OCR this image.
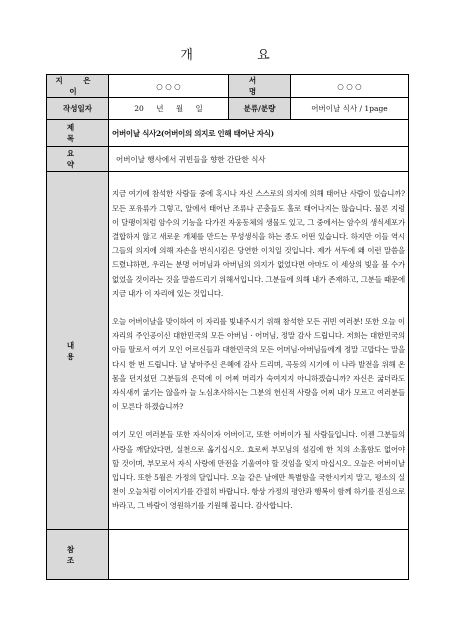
개 요
지 은 이	○ ○ ○	서 명	○ ○ ○
작성일자	20 년 월 일	분류/분량	어버이날 식사 / 1page
제 목	어버이날 식사2(어버이의 의지로 인해 태어난 자식)		
요 약	어버이날 행사에서 귀빈들을 향한 간단한 식사		
내 용	지금 여기에 참석한 사람들 중에 혹시나 자신 스스로의 의지에 의해 태어난 사람이 있습니까? 모든 포유류가 그렇고, 알에서 태어난 조류나 곤충들도 홀로 태어나지는 않습니다. 물론 지렁이 달팽이처럼 암수의 기능을 다가진 자웅동체의 생물도 있고, 그 중에서는 암수의 생식세포가 결합하지 않고 새로운 개체를 만드는 무성생식을 하는 종도 어떤 있습니다. 하지만 이들 역시 그들의 의지에 의해 자손을 번식시킴은 당연한 이치일 것입니다. 제가 서두에 왜 이런 말씀을 드렸냐하면, 우리는 분명 어머님과 아버님의 의지가 없었다면 아마도 이 세상의 빛을 볼 수가 없었을 것이라는 것을 말씀드리기 위해서입니다. 그분들에 의해 내가 존재하고, 그분들 때문에 지금 내가 이 자리에 있는 것입니다.

오늘 어버이날을 맞이하여 이 자리를 빛내주시기 위해 참석한 모든 귀빈 여러분! 또한 오늘 이 자리의 주인공이신 대한민국의 모든 아버님 · 어머님, 정말 감사 드립니다. 저희는 대한민국의 아들 딸로서 여기 모인 어르신들과 대한민국의 모든 어머님·아버님들에게 정말 고맙다는 말을 다시 한 번 드립니다. 날 낳아주신 은혜에 감사 드리며, 곡동의 시기에 이 나라 발전을 위해 온몸을 던지셨던 그분들의 은덕에 이 어찌 머리가 숙여지지 아니하겠습니까? 자신은 굶더라도 자식새끼 굶기는 않을까 늘 노심초사하시는 그분의 헌신적 사랑을 어찌 내가 모르고 여러분들이 모른다 하겠습니까?

여기 모인 여러분들 또한 자식이자 어버이고, 또한 어버이가 될 사람들입니다. 이젠 그분들의 사랑을 깨달았다면, 실천으로 옮기십시오. 효로써 부모님의 섬김에 한 치의 소홀함도 없어야 할 것이며, 부모로서 자식 사랑에 만전을 기울여야 할 것임을 잊지 마십시오. 오늘은 어버이날입니다. 또한 5월은 가정의 달입니다. 오늘 같은 날에만 특별함을 국한시키지 말고, 평소의 실천이 오늘처럼 이어지기를 간절히 바랍니다. 항상 가정의 평안과 행복이 함께 하기를 진심으로 바라고, 그 바람이 영원하기를 기원해 봅니다. 감사합니다.		

참 조			
